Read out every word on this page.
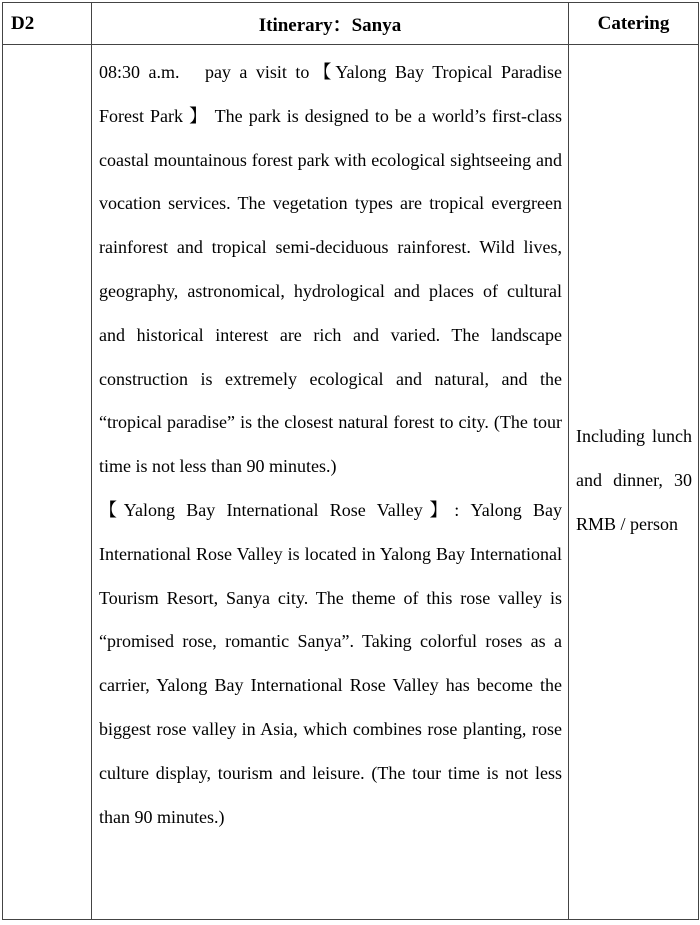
D2	Itinerary：Sanya	Catering

	08:30 a.m.   pay a visit to【Yalong Bay Tropical Paradise Forest Park 】 The park is designed to be a world’s first-class coastal mountainous forest park with ecological sightseeing and vocation services. The vegetation types are tropical evergreen rainforest and tropical semi-deciduous rainforest. Wild lives, geography, astronomical, hydrological and places of cultural and historical interest are rich and varied. The landscape construction is extremely ecological and natural, and the “tropical paradise” is the closest natural forest to city. (The tour time is not less than 90 minutes.)

【Yalong Bay International Rose Valley】: Yalong Bay International Rose Valley is located in Yalong Bay International Tourism Resort, Sanya city. The theme of this rose valley is “promised rose, romantic Sanya”. Taking colorful roses as a carrier, Yalong Bay International Rose Valley has become the biggest rose valley in Asia, which combines rose planting, rose culture display, tourism and leisure. (The tour time is not less than 90 minutes.)	Including lunch and dinner, 30 RMB / person
